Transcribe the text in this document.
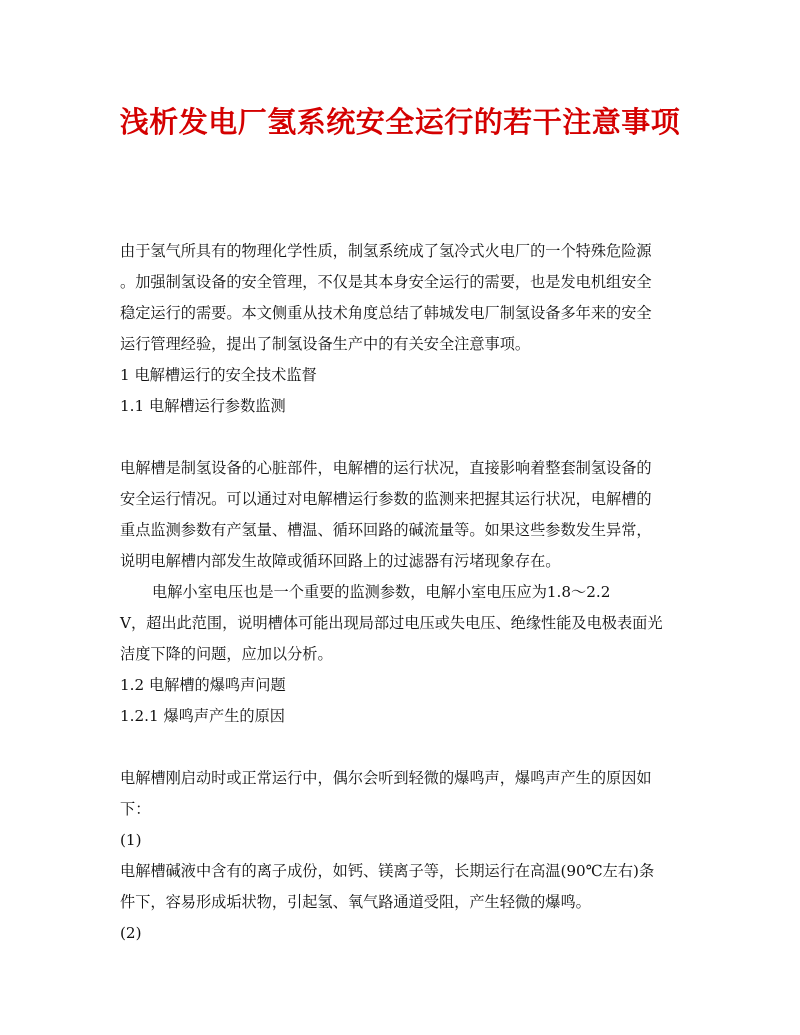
浅析发电厂氢系统安全运行的若干注意事项
由于氢气所具有的物理化学性质，制氢系统成了氢冷式火电厂的一个特殊危险源
。加强制氢设备的安全管理，不仅是其本身安全运行的需要，也是发电机组安全
稳定运行的需要。本文侧重从技术角度总结了韩城发电厂制氢设备多年来的安全
运行管理经验，提出了制氢设备生产中的有关安全注意事项。
1 电解槽运行的安全技术监督
1.1 电解槽运行参数监测
电解槽是制氢设备的心脏部件，电解槽的运行状况，直接影响着整套制氢设备的
安全运行情况。可以通过对电解槽运行参数的监测来把握其运行状况，电解槽的
重点监测参数有产氢量、槽温、循环回路的碱流量等。如果这些参数发生异常，
说明电解槽内部发生故障或循环回路上的过滤器有污堵现象存在。
电解小室电压也是一个重要的监测参数，电解小室电压应为1.8～2.2
V，超出此范围，说明槽体可能出现局部过电压或失电压、绝缘性能及电极表面光
洁度下降的问题，应加以分析。
1.2 电解槽的爆鸣声问题
1.2.1 爆鸣声产生的原因
电解槽刚启动时或正常运行中，偶尔会听到轻微的爆鸣声，爆鸣声产生的原因如
下：
(1)
电解槽碱液中含有的离子成份，如钙、镁离子等，长期运行在高温(90℃左右)条
件下，容易形成垢状物，引起氢、氧气路通道受阻，产生轻微的爆鸣。
(2)
